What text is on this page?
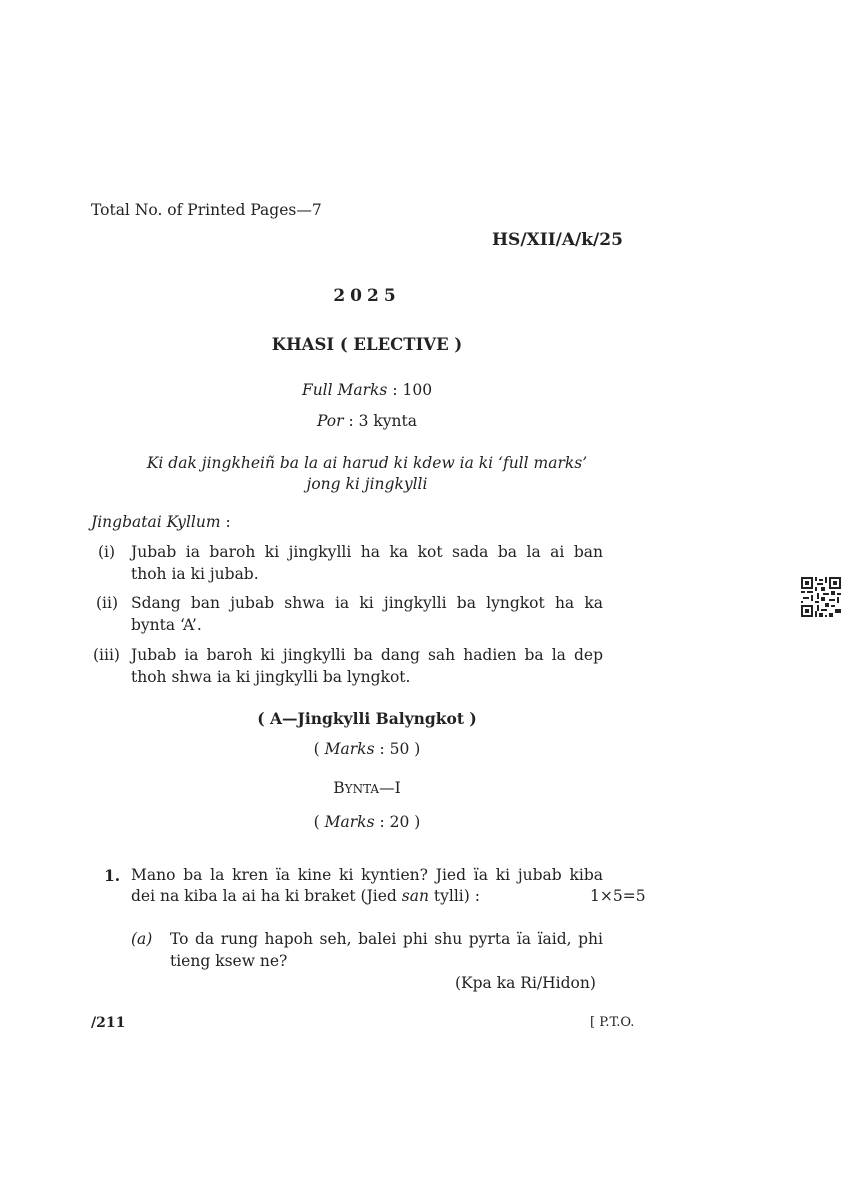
Total No. of Printed Pages—7
HS/XII/A/k/25
2025
KHASI ( ELECTIVE )
Full Marks : 100
Por : 3 kynta
Ki dak jingkheiñ ba la ai harud ki kdew ia ki ‘full marks’
jong ki jingkylli
Jingbatai Kyllum :
(i)	Jubab ia baroh ki jingkylli ha ka kot sada ba la ai ban
thoh ia ki jubab.
(ii) Sdang ban jubab shwa ia ki jingkylli ba lyngkot ha ka
bynta ‘A’.
(iii) Jubab ia baroh ki jingkylli ba dang sah hadien ba la dep
thoh shwa ia ki jingkylli ba lyngkot.
( A—Jingkylli Balyngkot )
( Marks : 50 )
BYNTA—I
( Marks : 20 )
1. Mano ba la kren ïa kine ki kyntien? Jied ïa ki jubab kiba
dei na kiba la ai ha ki braket (Jied san tylli) :	1×5=5
(a) To da rung hapoh seh, balei phi shu pyrta ïa ïaid, phi
tieng ksew ne?
(Kpa ka Ri/Hidon)
/211	[ P.T.O.
